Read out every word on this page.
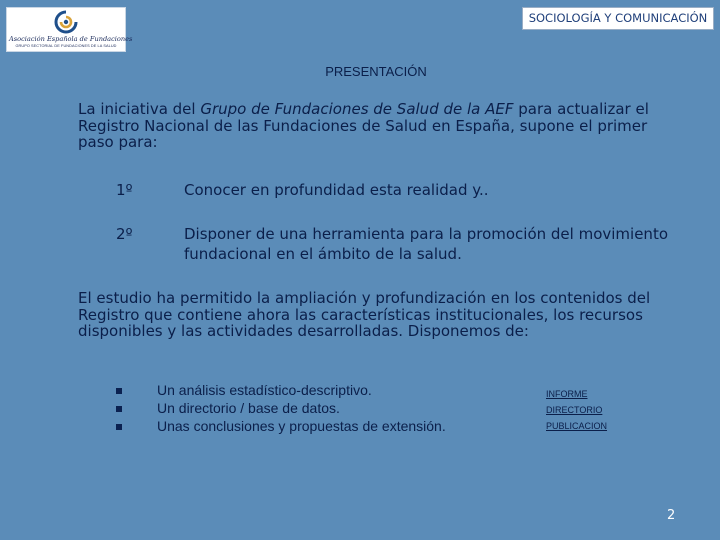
Asociación Española de Fundaciones
GRUPO SECTORIAL DE FUNDACIONES DE LA SALUD
SOCIOLOGÍA Y COMUNICACIÓN
PRESENTACIÓN

La iniciativa del Grupo de Fundaciones de Salud de la AEF para actualizar el Registro Nacional de las Fundaciones de Salud en España, supone el primer paso para:

1º	Conocer en profundidad esta realidad y..

2º	Disponer de una herramienta para la promoción del movimiento fundacional en el ámbito de la salud.

El estudio ha permitido la ampliación y profundización en los contenidos del Registro que contiene ahora las características institucionales, los recursos disponibles y las actividades desarrolladas. Disponemos de:

Un análisis estadístico-descriptivo.
Un directorio / base de datos.
Unas conclusiones y propuestas de extensión.
INFORME
DIRECTORIO
PUBLICACION
2
